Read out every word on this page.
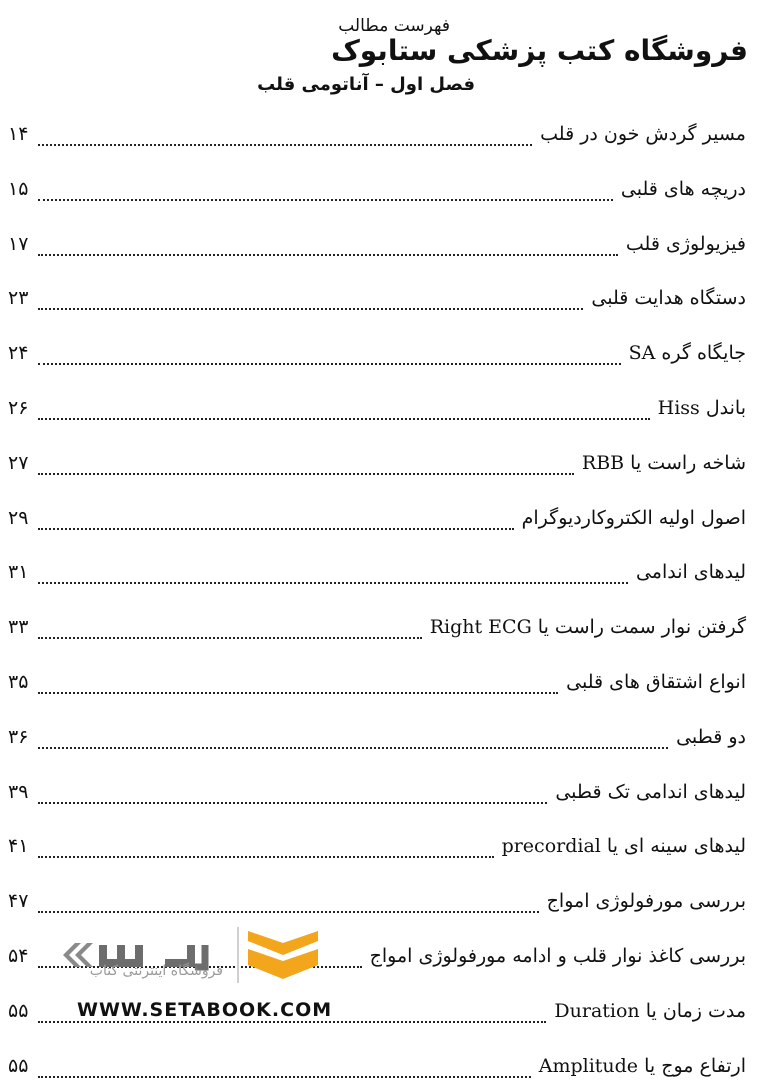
فهرست مطالب
فروشگاه کتب پزشکی ستابوک
فصل اول – آناتومی قلب
۱۴	مسیر گردش خون در قلب
۱۵	دریچه های قلبی
۱۷	فیزیولوژی قلب
۲۳	دستگاه هدایت قلبی
۲۴	جایگاه گره SA
۲۶	باندل Hiss
۲۷	شاخه راست یا RBB
۲۹	اصول اولیه الکتروکاردیوگرام
۳۱	لیدهای اندامی
۳۳	گرفتن نوار سمت راست یا Right ECG
۳۵	انواع اشتقاق های قلبی
۳۶	دو قطبی
۳۹	لیدهای اندامی تک قطبی
۴۱	لیدهای سینه ای یا precordial
۴۷	بررسی مورفولوژی امواج
۵۴	بررسی کاغذ نوار قلب و ادامه مورفولوژی امواج
۵۵	مدت زمان یا Duration
۵۵	ارتفاع موج یا Amplitude
فروشگاه اینترنتی کتاب
WWW.SETABOOK.COM
